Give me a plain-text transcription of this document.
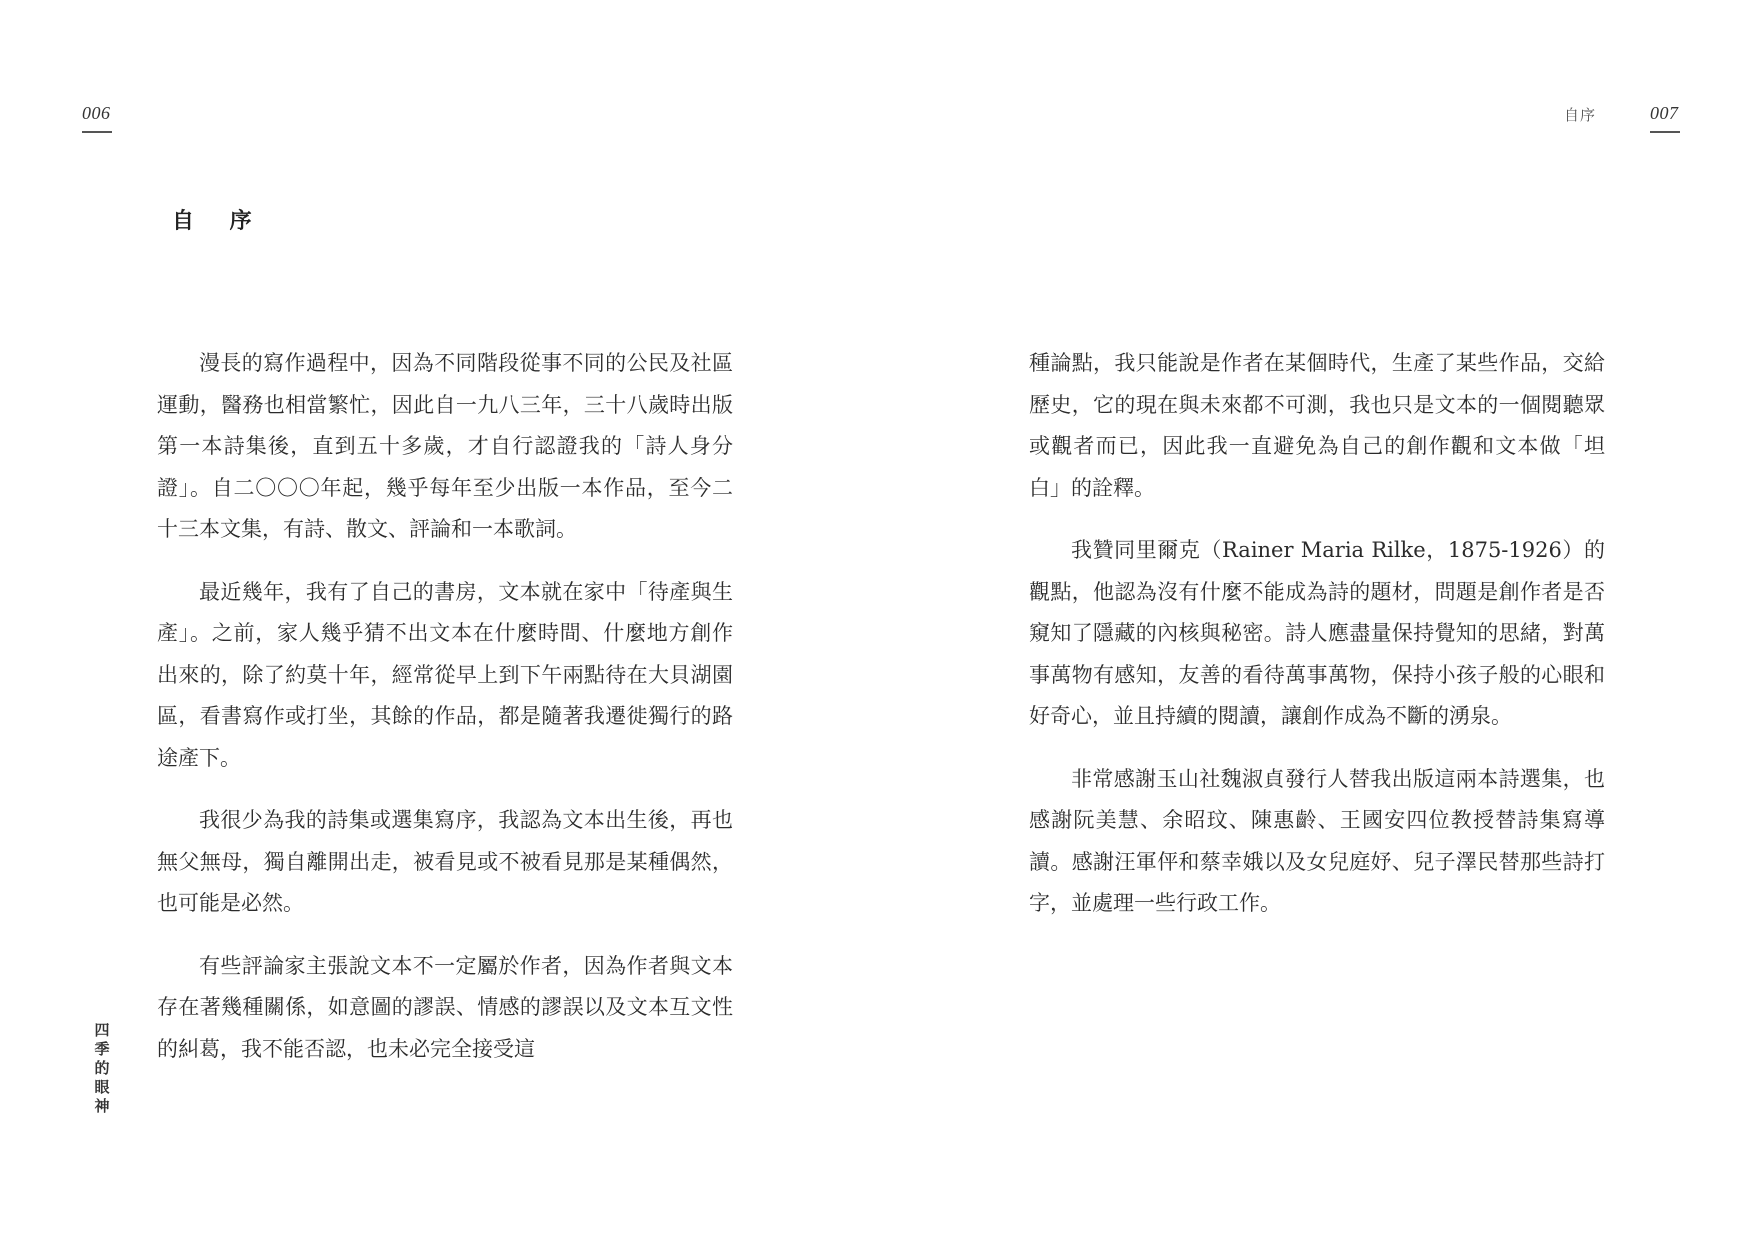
006
自 序

漫長的寫作過程中，因為不同階段從事不同的公民及社區運動，醫務也相當繁忙，因此自一九八三年，三十八歲時出版第一本詩集後，直到五十多歲，才自行認證我的「詩人身分證」。自二〇〇〇年起，幾乎每年至少出版一本作品，至今二十三本文集，有詩、散文、評論和一本歌詞。

最近幾年，我有了自己的書房，文本就在家中「待產與生產」。之前，家人幾乎猜不出文本在什麼時間、什麼地方創作出來的，除了約莫十年，經常從早上到下午兩點待在大貝湖園區，看書寫作或打坐，其餘的作品，都是隨著我遷徙獨行的路途產下。

我很少為我的詩集或選集寫序，我認為文本出生後，再也無父無母，獨自離開出走，被看見或不被看見那是某種偶然，也可能是必然。

有些評論家主張說文本不一定屬於作者，因為作者與文本存在著幾種關係，如意圖的謬誤、情感的謬誤以及文本互文性的糾葛，我不能否認，也未必完全接受這

四
季
的
眼
神
自序	007

種論點，我只能說是作者在某個時代，生產了某些作品，交給歷史，它的現在與未來都不可測，我也只是文本的一個閱聽眾或觀者而已，因此我一直避免為自己的創作觀和文本做「坦白」的詮釋。

我贊同里爾克（Rainer Maria Rilke，1875-1926）的觀點，他認為沒有什麼不能成為詩的題材，問題是創作者是否窺知了隱藏的內核與秘密。詩人應盡量保持覺知的思緒，對萬事萬物有感知，友善的看待萬事萬物，保持小孩子般的心眼和好奇心，並且持續的閱讀，讓創作成為不斷的湧泉。

非常感謝玉山社魏淑貞發行人替我出版這兩本詩選集，也感謝阮美慧、余昭玟、陳惠齡、王國安四位教授替詩集寫導讀。感謝汪軍伻和蔡幸娥以及女兒庭妤、兒子澤民替那些詩打字，並處理一些行政工作。
